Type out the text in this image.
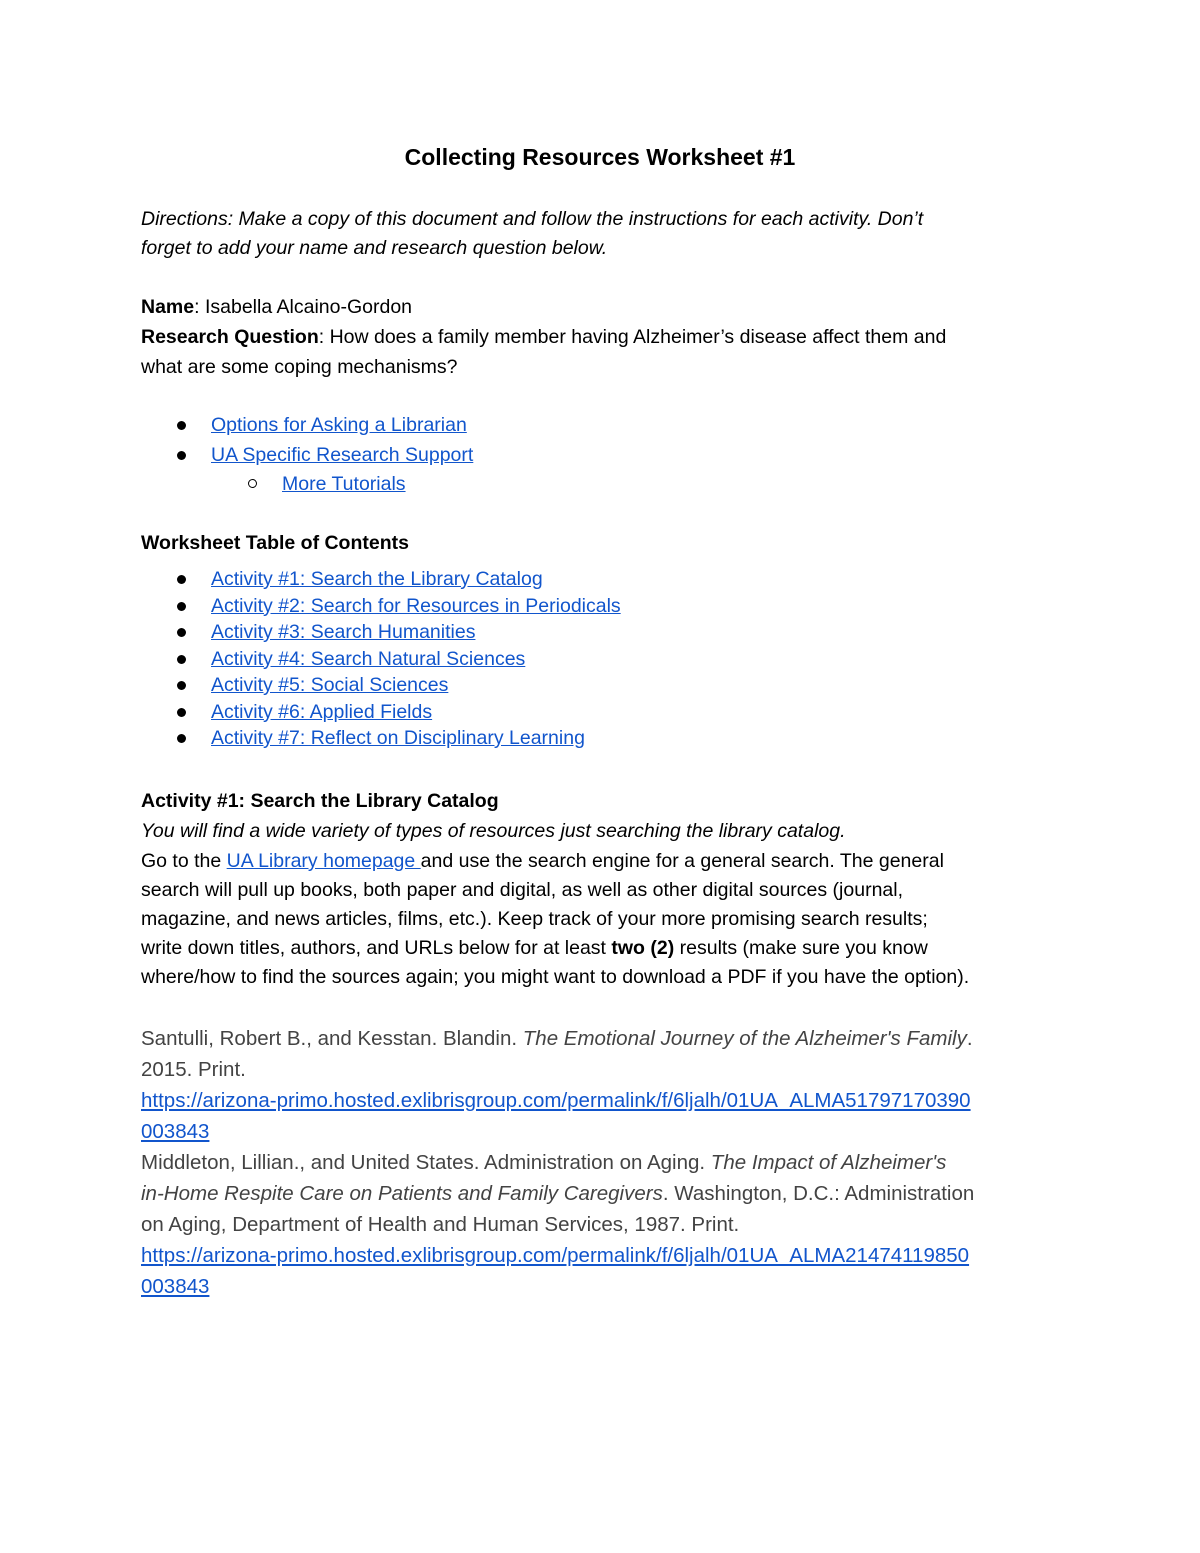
Collecting Resources Worksheet #1

Directions: Make a copy of this document and follow the instructions for each activity. Don’t

forget to add your name and research question below.

Name: Isabella Alcaino-Gordon

Research Question: How does a family member having Alzheimer’s disease affect them and

what are some coping mechanisms?

Options for Asking a Librarian
UA Specific Research Support
More Tutorials

Worksheet Table of Contents

Activity #1: Search the Library Catalog
Activity #2: Search for Resources in Periodicals
Activity #3: Search Humanities
Activity #4: Search Natural Sciences
Activity #5: Social Sciences
Activity #6: Applied Fields
Activity #7: Reflect on Disciplinary Learning

Activity #1: Search the Library Catalog

You will find a wide variety of types of resources just searching the library catalog.

Go to the UA Library homepage and use the search engine for a general search. The general

search will pull up books, both paper and digital, as well as other digital sources (journal,

magazine, and news articles, films, etc.). Keep track of your more promising search results;

write down titles, authors, and URLs below for at least two (2) results (make sure you know

where/how to find the sources again; you might want to download a PDF if you have the option).

Santulli, Robert B., and Kesstan. Blandin. The Emotional Journey of the Alzheimer's Family.

2015. Print.

https://arizona-primo.hosted.exlibrisgroup.com/permalink/f/6ljalh/01UA_ALMA51797170390

003843

Middleton, Lillian., and United States. Administration on Aging. The Impact of Alzheimer's

in-Home Respite Care on Patients and Family Caregivers. Washington, D.C.: Administration

on Aging, Department of Health and Human Services, 1987. Print.

https://arizona-primo.hosted.exlibrisgroup.com/permalink/f/6ljalh/01UA_ALMA21474119850

003843
